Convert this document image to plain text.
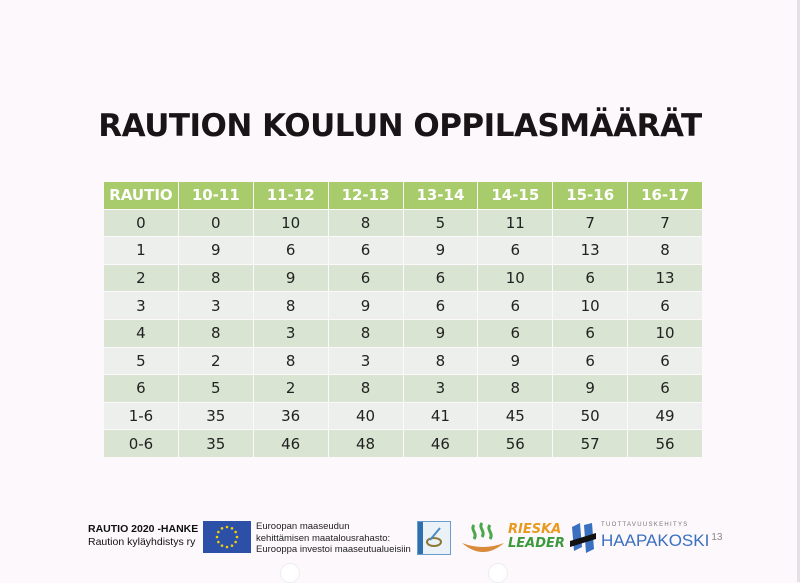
RAUTION KOULUN OPPILASMÄÄRÄT
RAUTIO	10-11	11-12	12-13	13-14	14-15	15-16	16-17
0	0	10	8	5	11	7	7
1	9	6	6	9	6	13	8
2	8	9	6	6	10	6	13
3	3	8	9	6	6	10	6
4	8	3	8	9	6	6	10
5	2	8	3	8	9	6	6
6	5	2	8	3	8	9	6
1-6	35	36	40	41	45	50	49
0-6	35	46	48	46	56	57	56
RAUTIO 2020 -HANKE
Raution kyläyhdistys ry
Euroopan maaseudun
kehittämisen maatalousrahasto:
Eurooppa investoi maaseutualueisiin
RIESKA
LEADER
TUOTTAVUUSKEHITYS
HAAPAKOSKI 13
